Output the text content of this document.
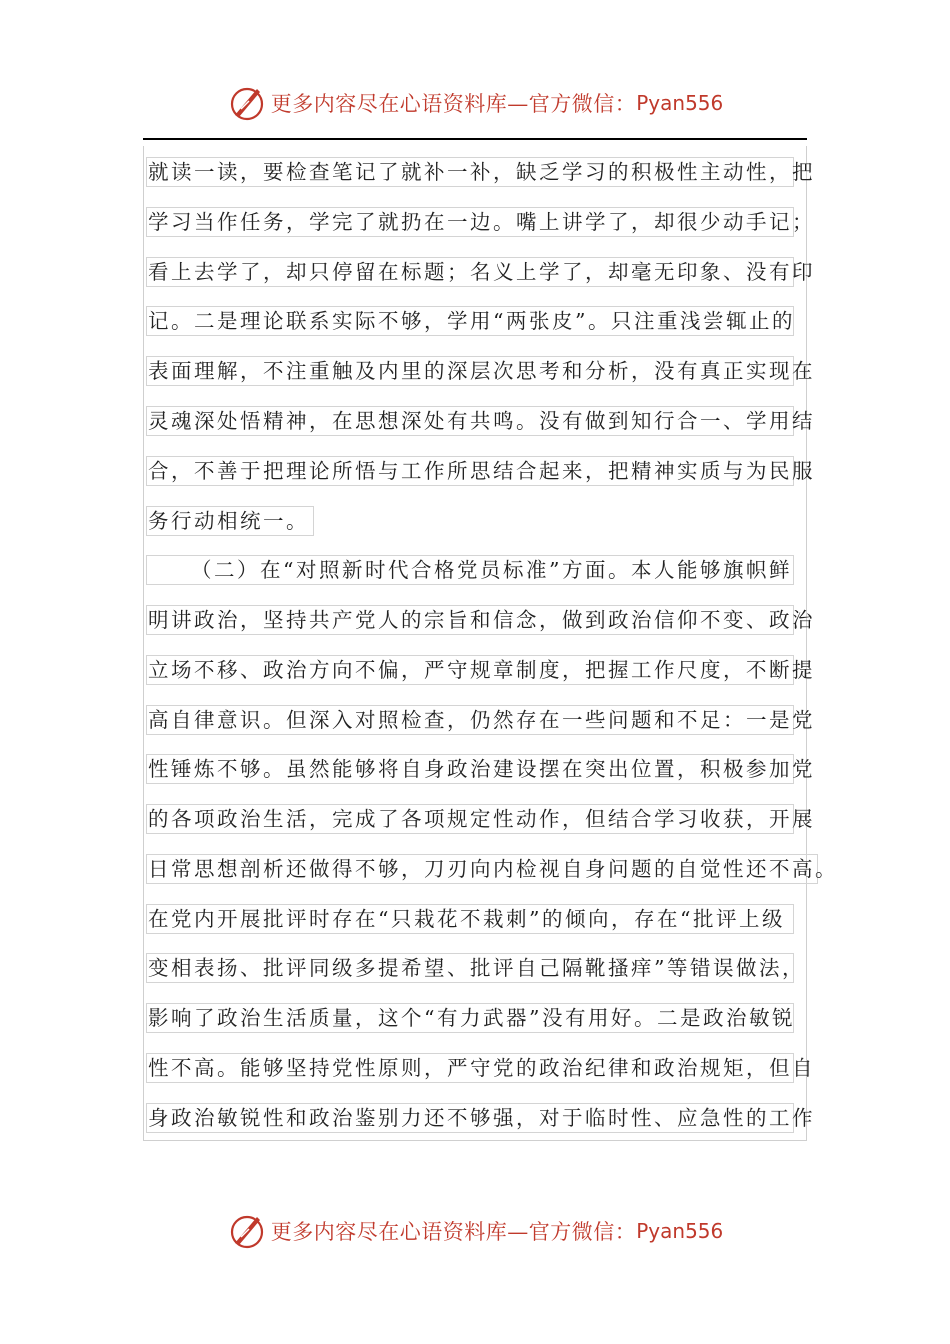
更多内容尽在心语资料库—官方微信： Pyan556
就读一读，要检查笔记了就补一补，缺乏学习的积极性主动性，把
学习当作任务，学完了就扔在一边。嘴上讲学了，却很少动手记；
看上去学了，却只停留在标题；名义上学了，却毫无印象、没有印
记。二是理论联系实际不够，学用“两张皮”。只注重浅尝辄止的
表面理解，不注重触及内里的深层次思考和分析，没有真正实现在
灵魂深处悟精神，在思想深处有共鸣。没有做到知行合一、学用结
合，不善于把理论所悟与工作所思结合起来，把精神实质与为民服
务行动相统一。
（二）在“对照新时代合格党员标准”方面。本人能够旗帜鲜
明讲政治，坚持共产党人的宗旨和信念，做到政治信仰不变、政治
立场不移、政治方向不偏，严守规章制度，把握工作尺度，不断提
高自律意识。但深入对照检查，仍然存在一些问题和不足：一是党
性锤炼不够。虽然能够将自身政治建设摆在突出位置，积极参加党
的各项政治生活，完成了各项规定性动作，但结合学习收获，开展
日常思想剖析还做得不够，刀刃向内检视自身问题的自觉性还不高。
在党内开展批评时存在“只栽花不栽刺”的倾向，存在“批评上级
变相表扬、批评同级多提希望、批评自己隔靴搔痒”等错误做法，
影响了政治生活质量，这个“有力武器”没有用好。二是政治敏锐
性不高。能够坚持党性原则，严守党的政治纪律和政治规矩，但自
身政治敏锐性和政治鉴别力还不够强，对于临时性、应急性的工作
更多内容尽在心语资料库—官方微信： Pyan556
